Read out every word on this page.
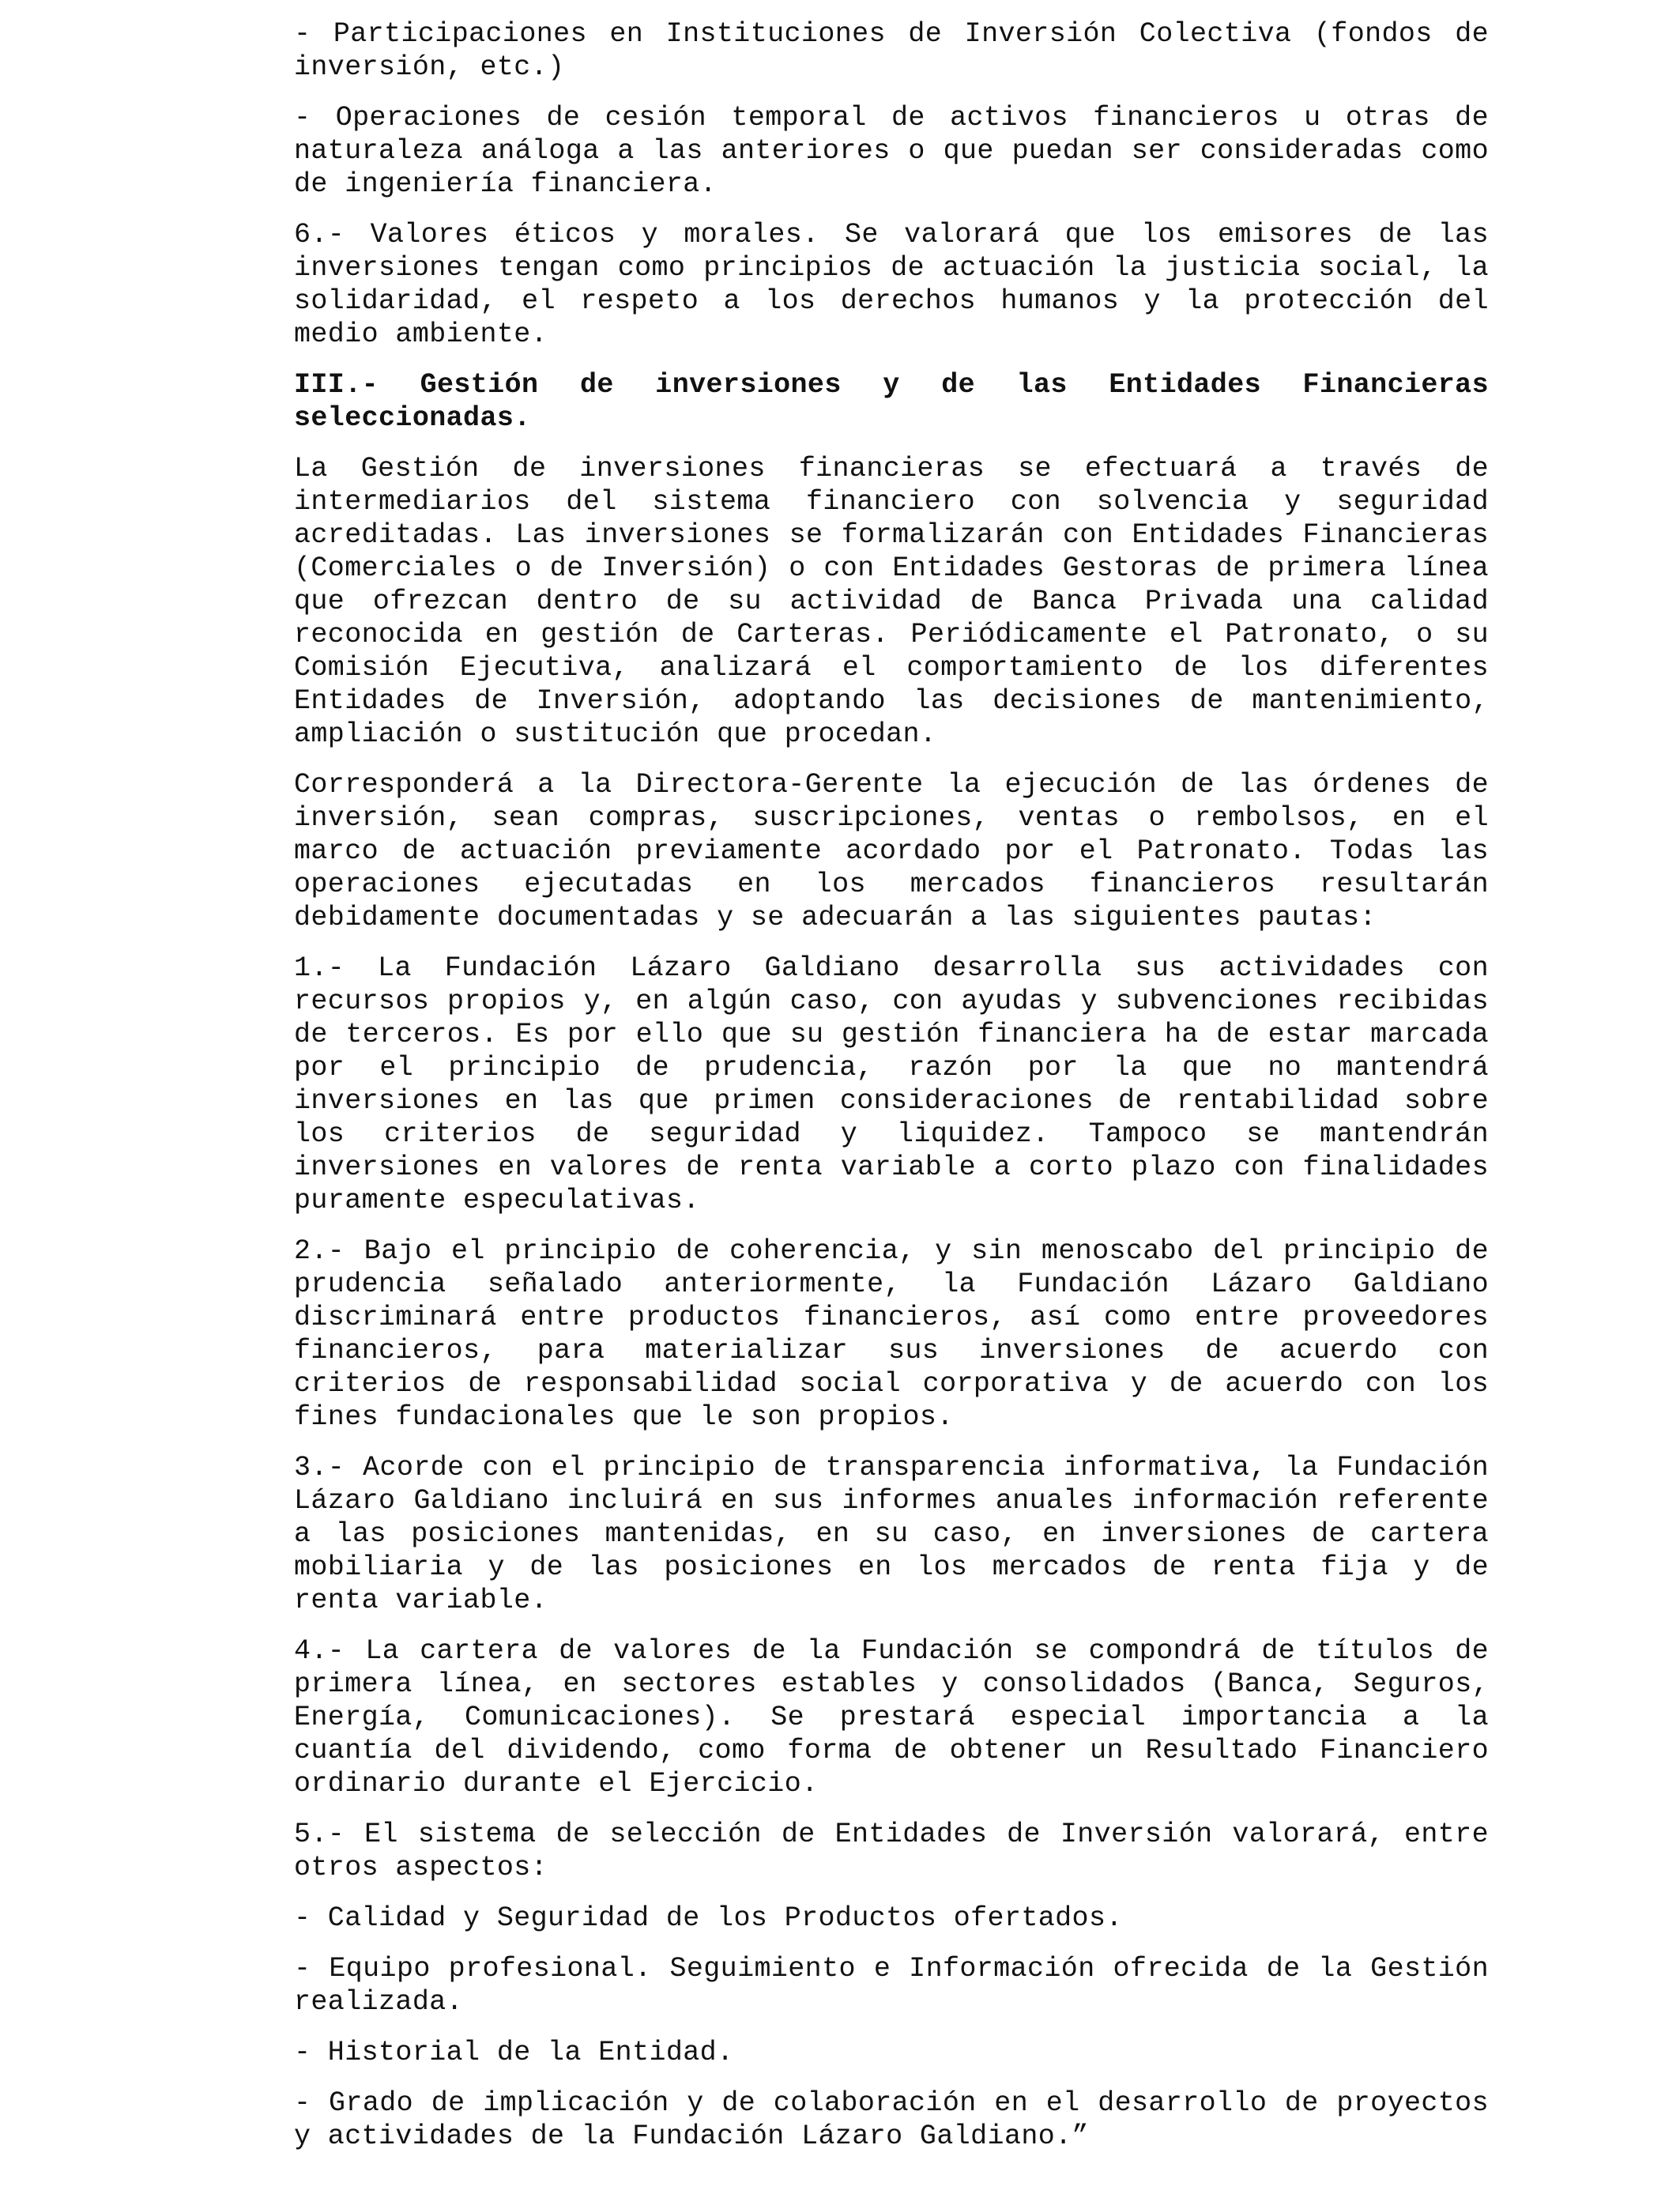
- Participaciones en Instituciones de Inversión Colectiva (fondos de inversión, etc.)

- Operaciones de cesión temporal de activos financieros u otras de naturaleza análoga a las anteriores o que puedan ser consideradas como de ingeniería financiera.

6.- Valores éticos y morales. Se valorará que los emisores de las inversiones tengan como principios de actuación la justicia social, la solidaridad, el respeto a los derechos humanos y la protección del medio ambiente.

III.- Gestión de inversiones y de las Entidades Financieras seleccionadas.

La Gestión de inversiones financieras se efectuará a través de intermediarios del sistema financiero con solvencia y seguridad acreditadas. Las inversiones se formalizarán con Entidades Financieras (Comerciales o de Inversión) o con Entidades Gestoras de primera línea que ofrezcan dentro de su actividad de Banca Privada una calidad reconocida en gestión de Carteras. Periódicamente el Patronato, o su Comisión Ejecutiva, analizará el comportamiento de los diferentes Entidades de Inversión, adoptando las decisiones de mantenimiento, ampliación o sustitución que procedan.

Corresponderá a la Directora-Gerente la ejecución de las órdenes de inversión, sean compras, suscripciones, ventas o rembolsos, en el marco de actuación previamente acordado por el Patronato. Todas las operaciones ejecutadas en los mercados financieros resultarán debidamente documentadas y se adecuarán a las siguientes pautas:

1.- La Fundación Lázaro Galdiano desarrolla sus actividades con recursos propios y, en algún caso, con ayudas y subvenciones recibidas de terceros. Es por ello que su gestión financiera ha de estar marcada por el principio de prudencia, razón por la que no mantendrá inversiones en las que primen consideraciones de rentabilidad sobre los criterios de seguridad y liquidez. Tampoco se mantendrán inversiones en valores de renta variable a corto plazo con finalidades puramente especulativas.

2.- Bajo el principio de coherencia, y sin menoscabo del principio de prudencia señalado anteriormente, la Fundación Lázaro Galdiano discriminará entre productos financieros, así como entre proveedores financieros, para materializar sus inversiones de acuerdo con criterios de responsabilidad social corporativa y de acuerdo con los fines fundacionales que le son propios.

3.- Acorde con el principio de transparencia informativa, la Fundación Lázaro Galdiano incluirá en sus informes anuales información referente a las posiciones mantenidas, en su caso, en inversiones de cartera mobiliaria y de las posiciones en los mercados de renta fija y de renta variable.

4.- La cartera de valores de la Fundación se compondrá de títulos de primera línea, en sectores estables y consolidados (Banca, Seguros, Energía, Comunicaciones). Se prestará especial importancia a la cuantía del dividendo, como forma de obtener un Resultado Financiero ordinario durante el Ejercicio.

5.- El sistema de selección de Entidades de Inversión valorará, entre otros aspectos:

- Calidad y Seguridad de los Productos ofertados.

- Equipo profesional. Seguimiento e Información ofrecida de la Gestión realizada.

- Historial de la Entidad.

- Grado de implicación y de colaboración en el desarrollo de proyectos y actividades de la Fundación Lázaro Galdiano.”
